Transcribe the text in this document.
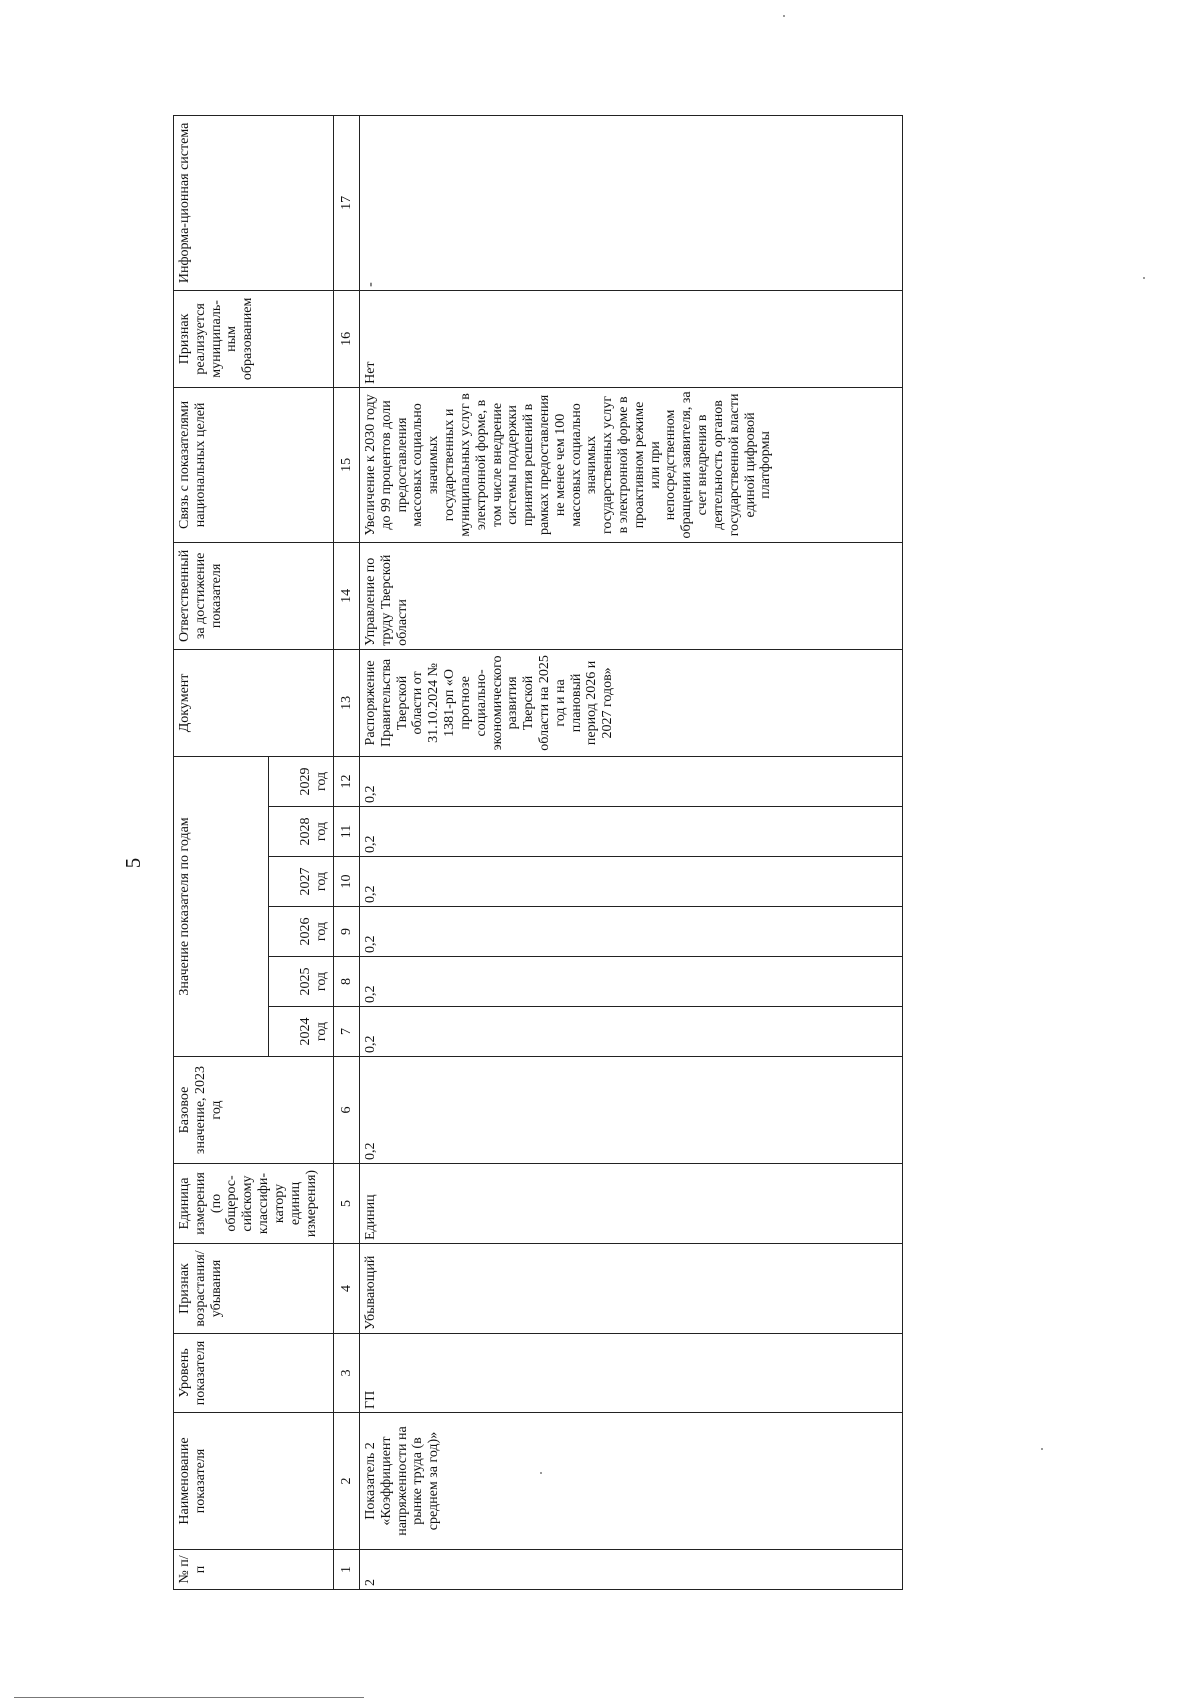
5
№ п/п	Наименование показателя	Уровень показателя	Признак возрастания/ убывания	Единица измерения (по общерос-сийскому классифи-катору единиц измерения)	Базовое значение, 2023 год	Значение показателя по годам						Документ	Ответственный за достижение показателя	Связь с показателями национальных целей	Признак реализуется муниципаль-ным образованием	Информа-ционная система
						2024 год	2025 год	2026 год	2027 год	2028 год	2029 год					
1	2	3	4	5	6	7	8	9	10	11	12	13	14	15	16	17
2	Показатель 2 «Коэффициент напряженности на рынке труда (в среднем за год)»	ГП	Убывающий	Единиц	0,2	0,2	0,2	0,2	0,2	0,2	0,2	Распоряжение Правительства Тверской области от 31.10.2024 № 1381-рп «О прогнозе социально-экономического развития Тверской области на 2025 год и на плановый период 2026 и 2027 годов»	Управление по труду Тверской области	Увеличение к 2030 году до 99 процентов доли предоставления массовых социально значимых государственных и муниципальных услуг в электронной форме, в том числе внедрение системы поддержки принятия решений в рамках предоставления не менее чем 100 массовых социально значимых государственных услуг в электронной форме в проактивном режиме или при непосредственном обращении заявителя, за счет внедрения в деятельность органов государственной власти единой цифровой платформы	Нет	-
